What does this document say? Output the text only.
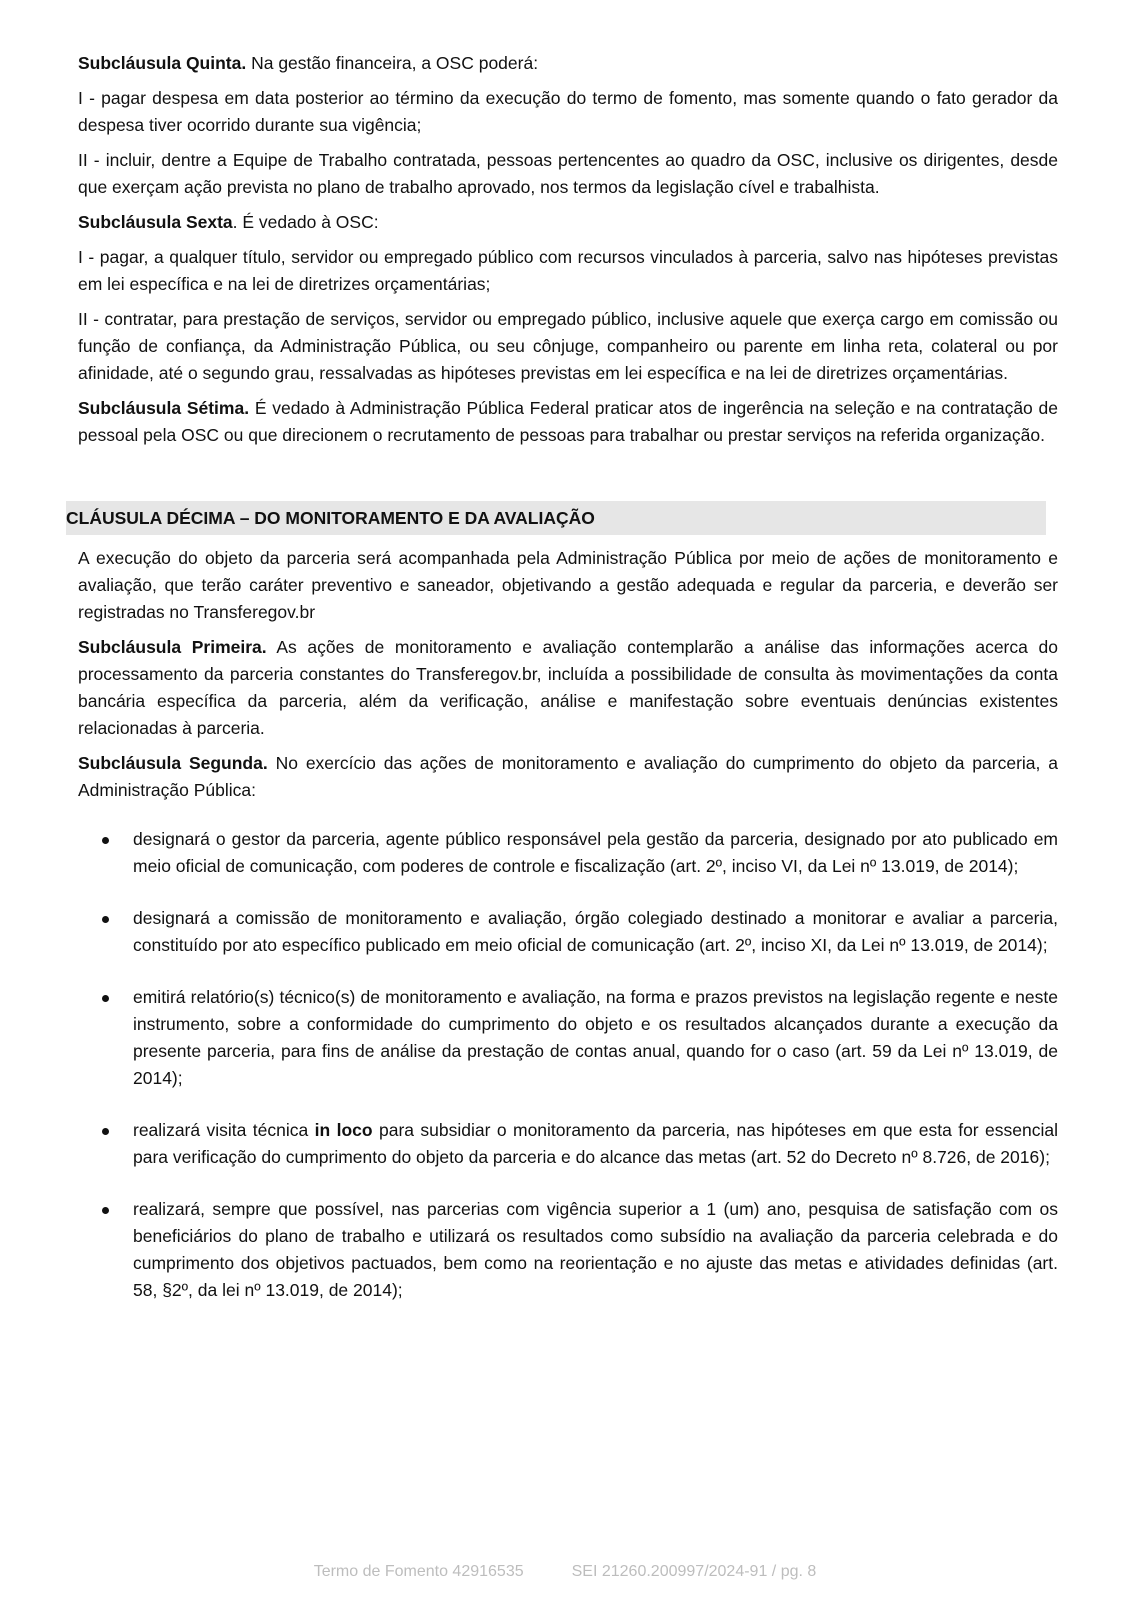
Subcláusula Quinta. Na gestão financeira, a OSC poderá:

I - pagar despesa em data posterior ao término da execução do termo de fomento, mas somente quando o fato gerador da despesa tiver ocorrido durante sua vigência;

II - incluir, dentre a Equipe de Trabalho contratada, pessoas pertencentes ao quadro da OSC, inclusive os dirigentes, desde que exerçam ação prevista no plano de trabalho aprovado, nos termos da legislação cível e trabalhista.

Subcláusula Sexta. É vedado à OSC:

I - pagar, a qualquer título, servidor ou empregado público com recursos vinculados à parceria, salvo nas hipóteses previstas em lei específica e na lei de diretrizes orçamentárias;

II - contratar, para prestação de serviços, servidor ou empregado público, inclusive aquele que exerça cargo em comissão ou função de confiança, da Administração Pública, ou seu cônjuge, companheiro ou parente em linha reta, colateral ou por afinidade, até o segundo grau, ressalvadas as hipóteses previstas em lei específica e na lei de diretrizes orçamentárias.

Subcláusula Sétima. É vedado à Administração Pública Federal praticar atos de ingerência na seleção e na contratação de pessoal pela OSC ou que direcionem o recrutamento de pessoas para trabalhar ou prestar serviços na referida organização.

CLÁUSULA DÉCIMA – DO MONITORAMENTO E DA AVALIAÇÃO

A execução do objeto da parceria será acompanhada pela Administração Pública por meio de ações de monitoramento e avaliação, que terão caráter preventivo e saneador, objetivando a gestão adequada e regular da parceria, e deverão ser registradas no Transferegov.br

Subcláusula Primeira. As ações de monitoramento e avaliação contemplarão a análise das informações acerca do processamento da parceria constantes do Transferegov.br, incluída a possibilidade de consulta às movimentações da conta bancária específica da parceria, além da verificação, análise e manifestação sobre eventuais denúncias existentes relacionadas à parceria.

Subcláusula Segunda. No exercício das ações de monitoramento e avaliação do cumprimento do objeto da parceria, a Administração Pública:

designará o gestor da parceria, agente público responsável pela gestão da parceria, designado por ato publicado em meio oficial de comunicação, com poderes de controle e fiscalização (art. 2º, inciso VI, da Lei nº 13.019, de 2014);
designará a comissão de monitoramento e avaliação, órgão colegiado destinado a monitorar e avaliar a parceria, constituído por ato específico publicado em meio oficial de comunicação (art. 2º, inciso XI, da Lei nº 13.019, de 2014);
emitirá relatório(s) técnico(s) de monitoramento e avaliação, na forma e prazos previstos na legislação regente e neste instrumento, sobre a conformidade do cumprimento do objeto e os resultados alcançados durante a execução da presente parceria, para fins de análise da prestação de contas anual, quando for o caso (art. 59 da Lei nº 13.019, de 2014);
realizará visita técnica in loco para subsidiar o monitoramento da parceria, nas hipóteses em que esta for essencial para verificação do cumprimento do objeto da parceria e do alcance das metas (art. 52 do Decreto nº 8.726, de 2016);
realizará, sempre que possível, nas parcerias com vigência superior a 1 (um) ano, pesquisa de satisfação com os beneficiários do plano de trabalho e utilizará os resultados como subsídio na avaliação da parceria celebrada e do cumprimento dos objetivos pactuados, bem como na reorientação e no ajuste das metas e atividades definidas (art. 58, §2º, da lei nº 13.019, de 2014);
Termo de Fomento 42916535	SEI 21260.200997/2024-91 / pg. 8
